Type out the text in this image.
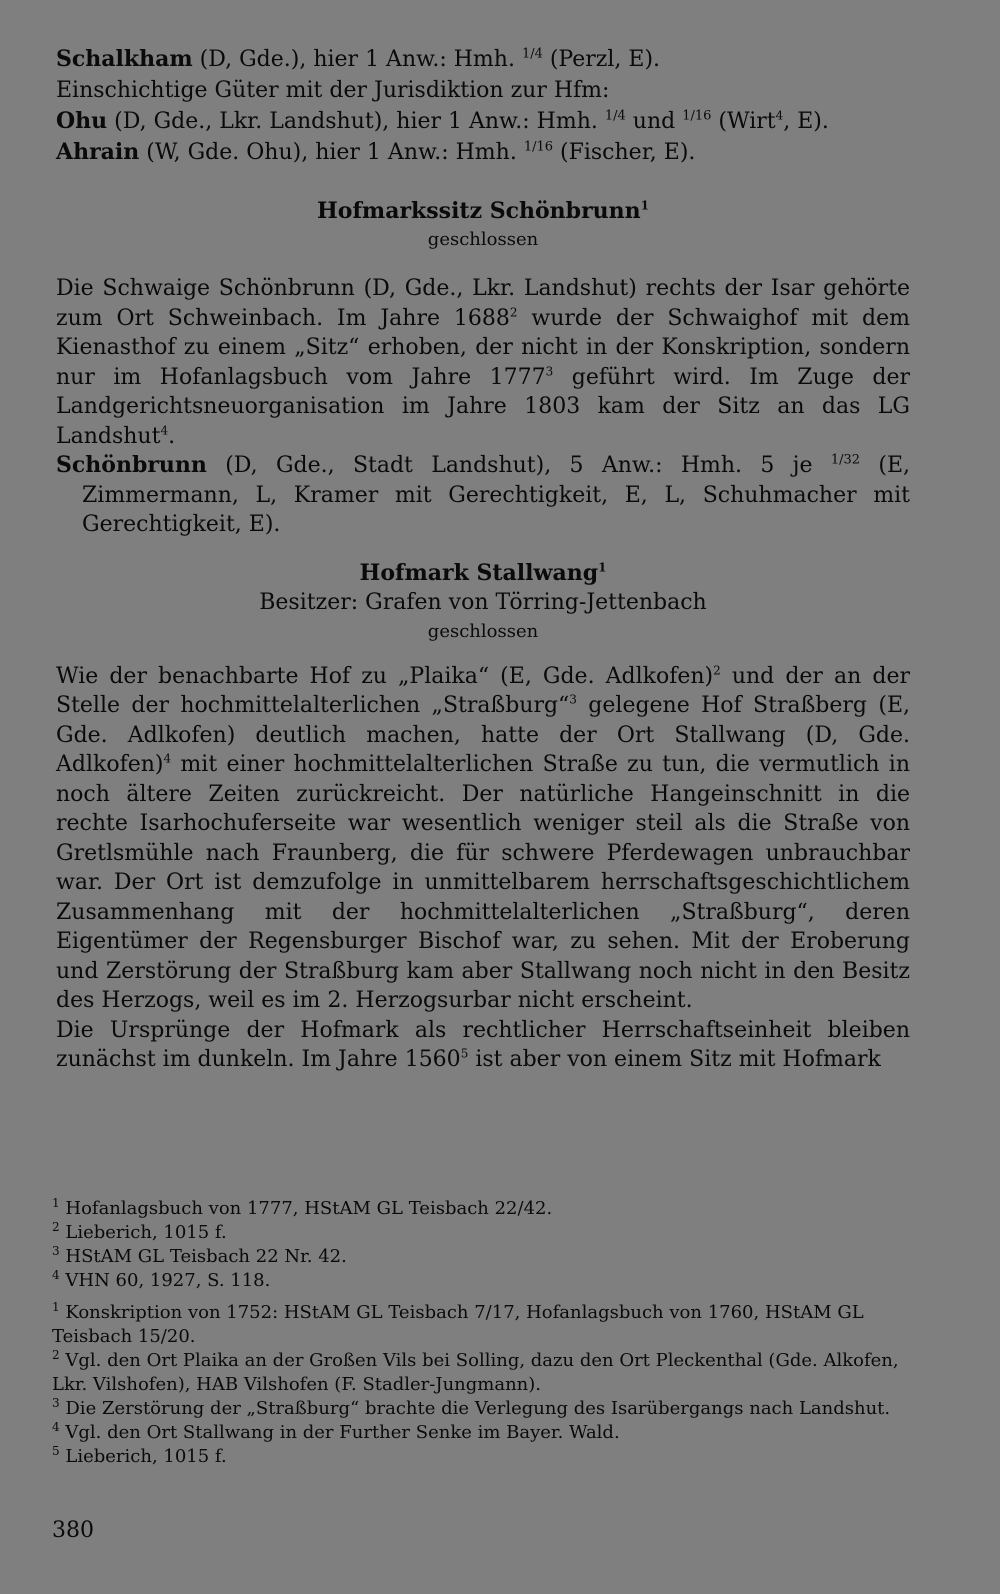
Schalkham (D, Gde.), hier 1 Anw.: Hmh. $^{1/4}$ (Perzl, E).
Einschichtige Güter mit der Jurisdiktion zur Hfm:
Ohu (D, Gde., Lkr. Landshut), hier 1 Anw.: Hmh. $^{1/4}$ und $^{1/16}$ (Wirt$^4$, E).
Ahrain (W, Gde. Ohu), hier 1 Anw.: Hmh. $^{1/16}$ (Fischer, E).
Hofmarkssitz Schönbrunn$^1$
geschlossen
Die Schwaige Schönbrunn (D, Gde., Lkr. Landshut) rechts der Isar gehörte zum Ort Schweinbach. Im Jahre 1688$^2$ wurde der Schwaighof mit dem Kienasthof zu einem „Sitz“ erhoben, der nicht in der Konskription, sondern nur im Hofanlagsbuch vom Jahre 1777$^3$ geführt wird. Im Zuge der Landgerichtsneuorganisation im Jahre 1803 kam der Sitz an das LG Landshut$^4$.
Schönbrunn (D, Gde., Stadt Landshut), 5 Anw.: Hmh. 5 je $^{1/32}$ (E, Zimmermann, L, Kramer mit Gerechtigkeit, E, L, Schuhmacher mit Gerechtigkeit, E).
Hofmark Stallwang$^1$
Besitzer: Grafen von Törring-Jettenbach
geschlossen
Wie der benachbarte Hof zu „Plaika“ (E, Gde. Adlkofen)$^2$ und der an der Stelle der hochmittelalterlichen „Straßburg“$^3$ gelegene Hof Straßberg (E, Gde. Adlkofen) deutlich machen, hatte der Ort Stallwang (D, Gde. Adlkofen)$^4$ mit einer hochmittelalterlichen Straße zu tun, die vermutlich in noch ältere Zeiten zurückreicht. Der natürliche Hangeinschnitt in die rechte Isarhochuferseite war wesentlich weniger steil als die Straße von Gretlsmühle nach Fraunberg, die für schwere Pferdewagen unbrauchbar war. Der Ort ist demzufolge in unmittelbarem herrschaftsgeschichtlichem Zusammenhang mit der hochmittelalterlichen „Straßburg“, deren Eigentümer der Regensburger Bischof war, zu sehen. Mit der Eroberung und Zerstörung der Straßburg kam aber Stallwang noch nicht in den Besitz des Herzogs, weil es im 2. Herzogsurbar nicht erscheint.
Die Ursprünge der Hofmark als rechtlicher Herrschaftseinheit bleiben zunächst im dunkeln. Im Jahre 1560$^5$ ist aber von einem Sitz mit Hofmark
$^1$ Hofanlagsbuch von 1777, HStAM GL Teisbach 22/42.
$^2$ Lieberich, 1015 f.
$^3$ HStAM GL Teisbach 22 Nr. 42.
$^4$ VHN 60, 1927, S. 118.
$^1$ Konskription von 1752: HStAM GL Teisbach 7/17, Hofanlagsbuch von 1760, HStAM GL Teisbach 15/20.
$^2$ Vgl. den Ort Plaika an der Großen Vils bei Solling, dazu den Ort Pleckenthal (Gde. Alkofen, Lkr. Vilshofen), HAB Vilshofen (F. Stadler-Jungmann).
$^3$ Die Zerstörung der „Straßburg“ brachte die Verlegung des Isarübergangs nach Landshut.
$^4$ Vgl. den Ort Stallwang in der Further Senke im Bayer. Wald.
$^5$ Lieberich, 1015 f.
380
